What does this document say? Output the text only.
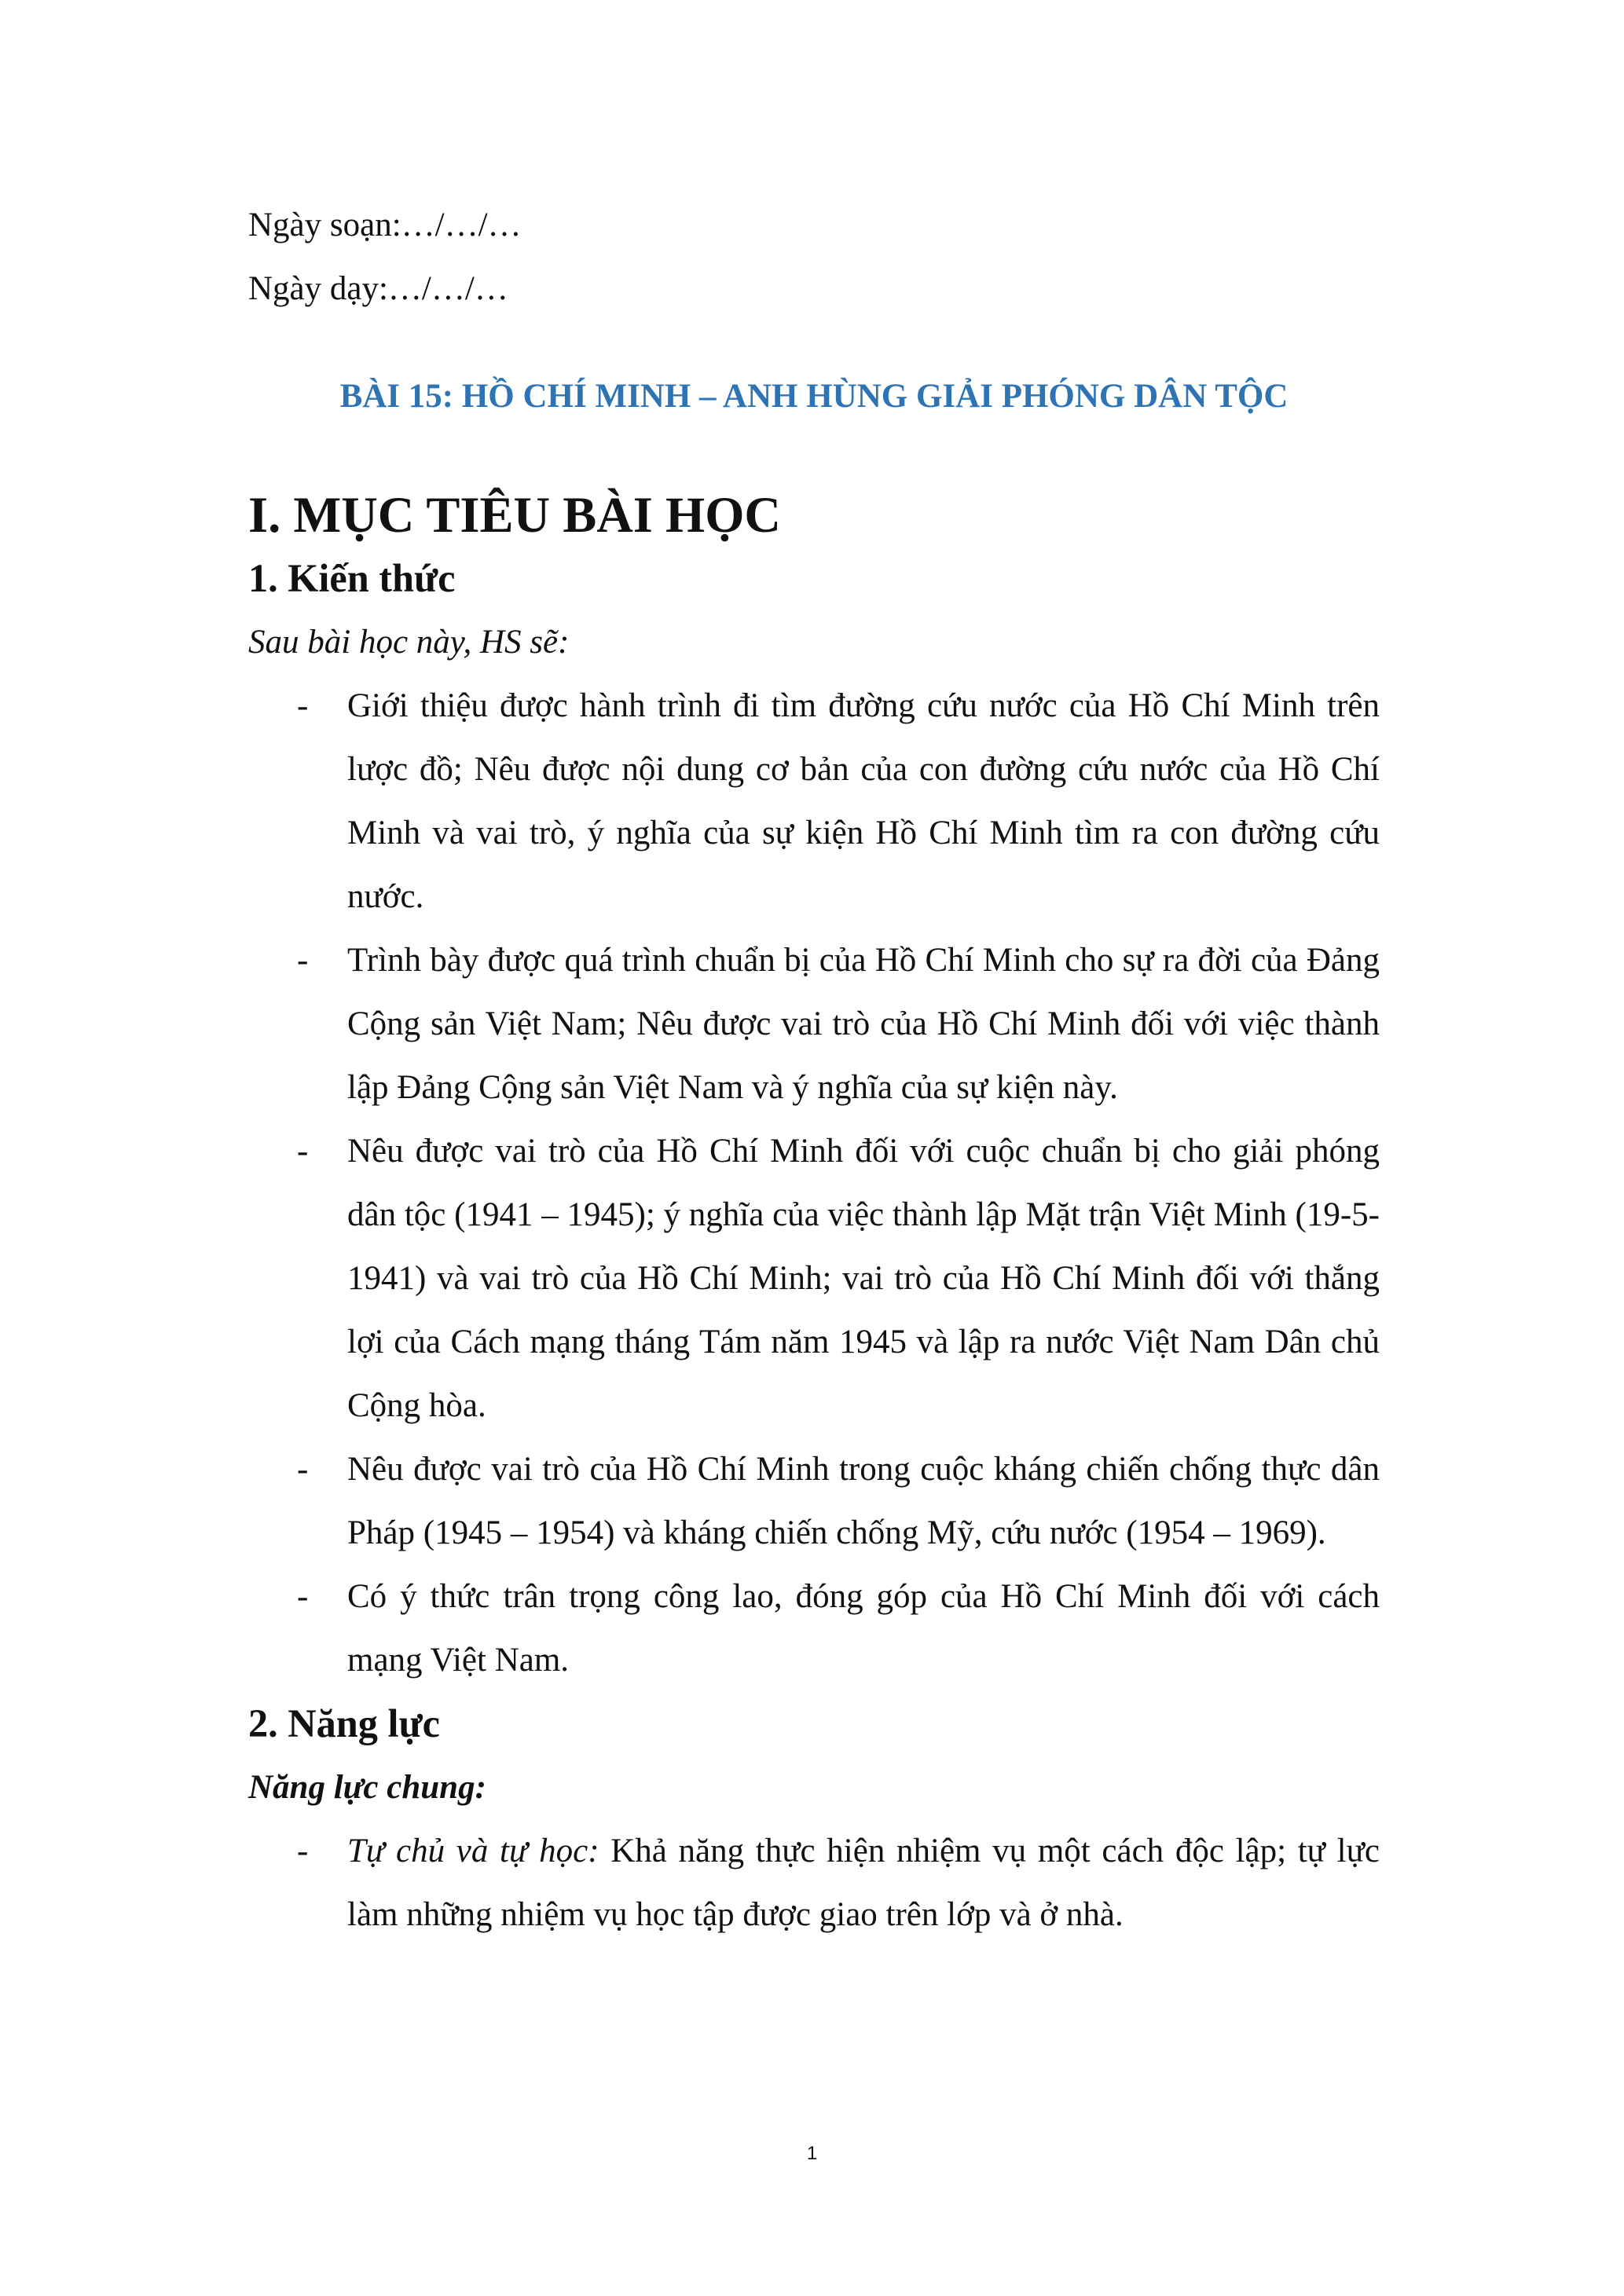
Ngày soạn:…/…/…

Ngày dạy:…/…/…

BÀI 15: HỒ CHÍ MINH – ANH HÙNG GIẢI PHÓNG DÂN TỘC
I. MỤC TIÊU BÀI HỌC
1. Kiến thức

Sau bài học này, HS sẽ:

- Giới thiệu được hành trình đi tìm đường cứu nước của Hồ Chí Minh trên lược đồ; Nêu được nội dung cơ bản của con đường cứu nước của Hồ Chí Minh và vai trò, ý nghĩa của sự kiện Hồ Chí Minh tìm ra con đường cứu nước.
- Trình bày được quá trình chuẩn bị của Hồ Chí Minh cho sự ra đời của Đảng Cộng sản Việt Nam; Nêu được vai trò của Hồ Chí Minh đối với việc thành lập Đảng Cộng sản Việt Nam và ý nghĩa của sự kiện này.
- Nêu được vai trò của Hồ Chí Minh đối với cuộc chuẩn bị cho giải phóng dân tộc (1941 – 1945); ý nghĩa của việc thành lập Mặt trận Việt Minh (19-5-1941) và vai trò của Hồ Chí Minh; vai trò của Hồ Chí Minh đối với thắng lợi của Cách mạng tháng Tám năm 1945 và lập ra nước Việt Nam Dân chủ Cộng hòa.
- Nêu được vai trò của Hồ Chí Minh trong cuộc kháng chiến chống thực dân Pháp (1945 – 1954) và kháng chiến chống Mỹ, cứu nước (1954 – 1969).
- Có ý thức trân trọng công lao, đóng góp của Hồ Chí Minh đối với cách mạng Việt Nam.
2. Năng lực

Năng lực chung:

- Tự chủ và tự học: Khả năng thực hiện nhiệm vụ một cách độc lập; tự lực làm những nhiệm vụ học tập được giao trên lớp và ở nhà.
1
